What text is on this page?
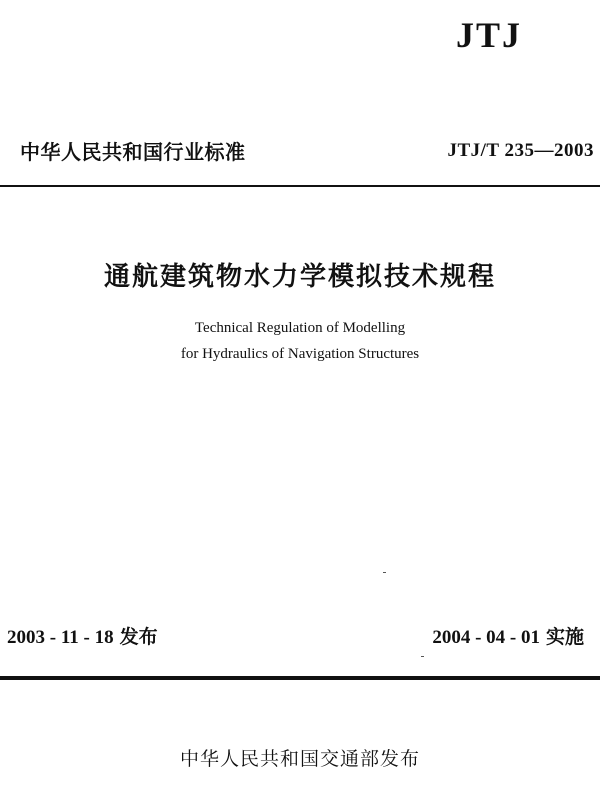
JTJ
中华人民共和国行业标准	JTJ/T 235—2003
通航建筑物水力学模拟技术规程
Technical Regulation of Modelling
for Hydraulics of Navigation Structures
2003 - 11 - 18 发布	2004 - 04 - 01 实施
中华人民共和国交通部发布
